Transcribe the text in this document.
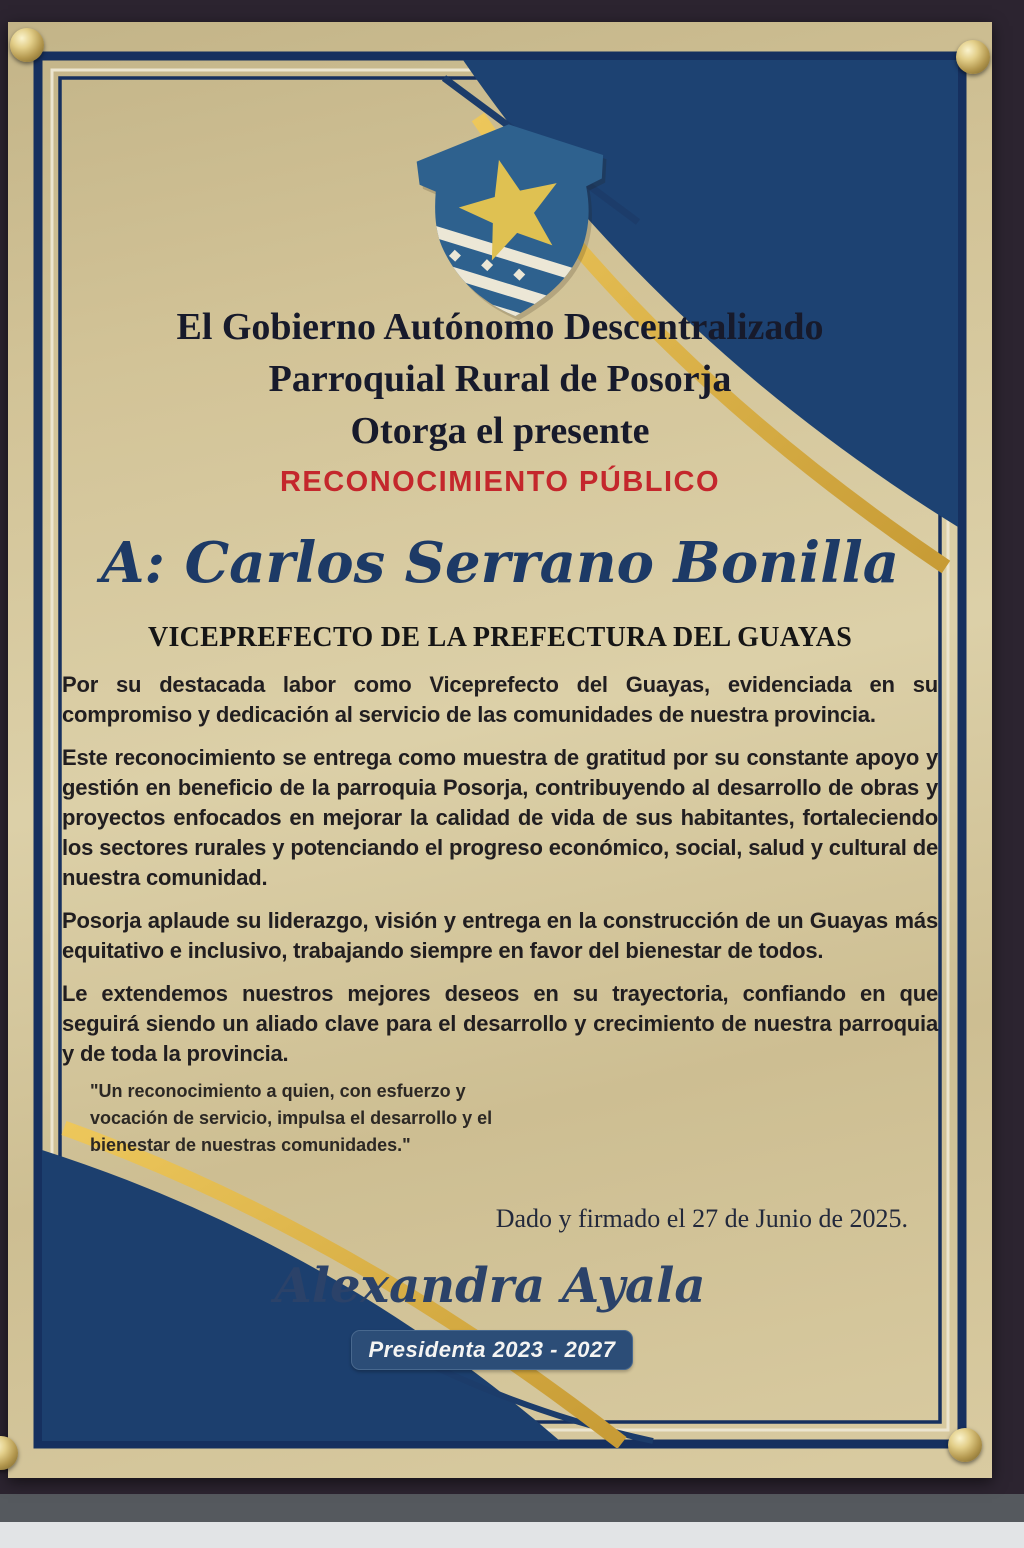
El Gobierno Autónomo Descentralizado
Parroquial Rural de Posorja
Otorga el presente
RECONOCIMIENTO PÚBLICO
A: Carlos Serrano Bonilla
VICEPREFECTO DE LA PREFECTURA DEL GUAYAS

Por su destacada labor como Viceprefecto del Guayas, evidenciada en su compromiso y dedicación al servicio de las comunidades de nuestra provincia.

Este reconocimiento se entrega como muestra de gratitud por su constante apoyo y gestión en beneficio de la parroquia Posorja, contribuyendo al desarrollo de obras y proyectos enfocados en mejorar la calidad de vida de sus habitantes, fortaleciendo los sectores rurales y potenciando el progreso económico, social, salud y cultural de nuestra comunidad.

Posorja aplaude su liderazgo, visión y entrega en la construcción de un Guayas más equitativo e inclusivo, trabajando siempre en favor del bienestar de todos.

Le extendemos nuestros mejores deseos en su trayectoria, confiando en que seguirá siendo un aliado clave para el desarrollo y crecimiento de nuestra parroquia y de toda la provincia.

"Un reconocimiento a quien, con esfuerzo y
vocación de servicio, impulsa el desarrollo y el
bienestar de nuestras comunidades."
Dado y firmado el 27 de Junio de 2025.
Alexandra Ayala
Presidenta 2023 - 2027
